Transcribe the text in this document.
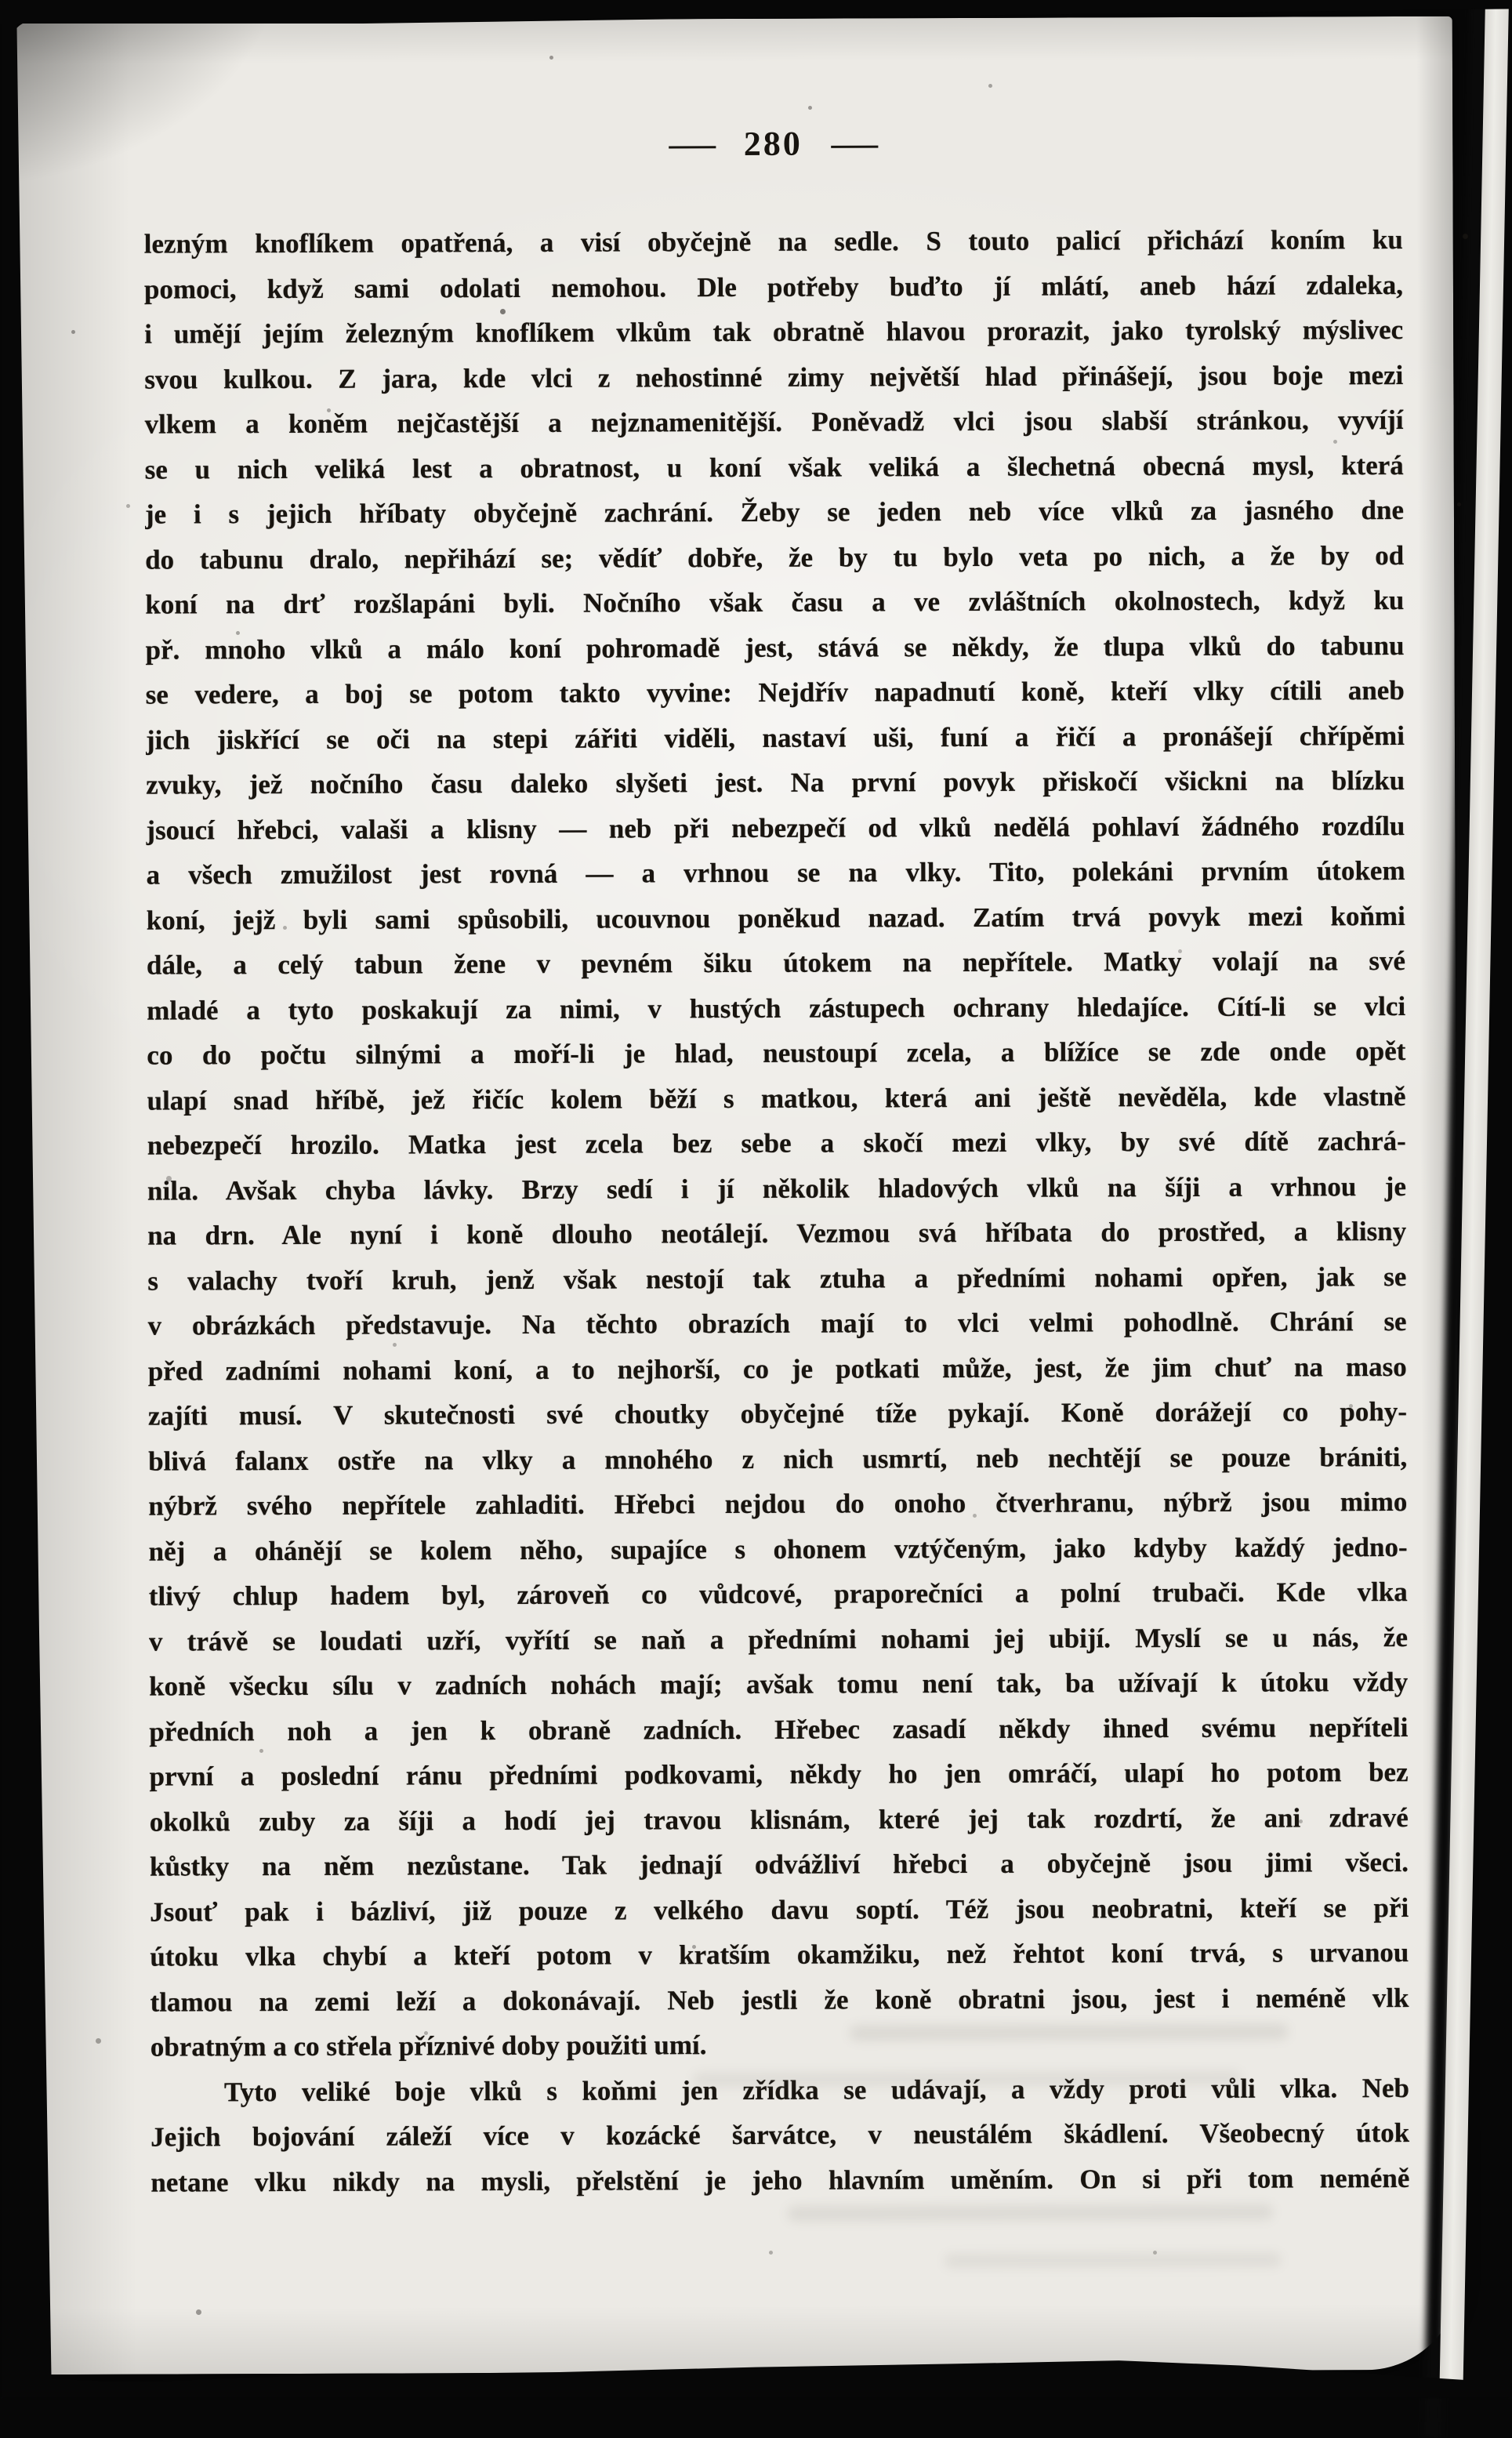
— 280 —
lezným knoflíkem opatřená, a visí obyčejně na sedle. S touto palicí přichází koním ku
pomoci, když sami odolati nemohou. Dle potřeby buďto jí mlátí, aneb hází zdaleka,
i umějí jejím železným knoflíkem vlkům tak obratně hlavou prorazit, jako tyrolský mýslivec
svou kulkou. Z jara, kde vlci z nehostinné zimy největší hlad přinášejí, jsou boje mezi
vlkem a koněm nejčastější a nejznamenitější. Poněvadž vlci jsou slabší stránkou, vyvíjí
se u nich veliká lest a obratnost, u koní však veliká a šlechetná obecná mysl, která
je i s jejich hříbaty obyčejně zachrání. Žeby se jeden neb více vlků za jasného dne
do tabunu dralo, nepřihází se; vědíť dobře, že by tu bylo veta po nich, a že by od
koní na drť rozšlapáni byli. Nočního však času a ve zvláštních okolnostech, když ku
př. mnoho vlků a málo koní pohromadě jest, stává se někdy, že tlupa vlků do tabunu
se vedere, a boj se potom takto vyvine: Nejdřív napadnutí koně, kteří vlky cítili aneb
jich jiskřící se oči na stepi zářiti viděli, nastaví uši, funí a řičí a pronášejí chřípěmi
zvuky, jež nočního času daleko slyšeti jest. Na první povyk přiskočí všickni na blízku
jsoucí hřebci, valaši a klisny — neb při nebezpečí od vlků nedělá pohlaví žádného rozdílu
a všech zmužilost jest rovná — a vrhnou se na vlky. Tito, polekáni prvním útokem
koní, jejž byli sami spůsobili, ucouvnou poněkud nazad. Zatím trvá povyk mezi koňmi
dále, a celý tabun žene v pevném šiku útokem na nepřítele. Matky volají na své
mladé a tyto poskakují za nimi, v hustých zástupech ochrany hledajíce. Cítí-li se vlci
co do počtu silnými a moří-li je hlad, neustoupí zcela, a blížíce se zde onde opět
ulapí snad hříbě, jež řičíc kolem běží s matkou, která ani ještě nevěděla, kde vlastně
nebezpečí hrozilo. Matka jest zcela bez sebe a skočí mezi vlky, by své dítě zachrá-
nila. Avšak chyba lávky. Brzy sedí i jí několik hladových vlků na šíji a vrhnou je
na drn. Ale nyní i koně dlouho neotálejí. Vezmou svá hříbata do prostřed, a klisny
s valachy tvoří kruh, jenž však nestojí tak ztuha a předními nohami opřen, jak se
v obrázkách představuje. Na těchto obrazích mají to vlci velmi pohodlně. Chrání se
před zadními nohami koní, a to nejhorší, co je potkati může, jest, že jim chuť na maso
zajíti musí. V skutečnosti své choutky obyčejné tíže pykají. Koně dorážejí co pohy-
blivá falanx ostře na vlky a mnohého z nich usmrtí, neb nechtějí se pouze brániti,
nýbrž svého nepřítele zahladiti. Hřebci nejdou do onoho čtverhranu, nýbrž jsou mimo
něj a ohánějí se kolem něho, supajíce s ohonem vztýčeným, jako kdyby každý jedno-
tlivý chlup hadem byl, zároveň co vůdcové, praporečníci a polní trubači. Kde vlka
v trávě se loudati uzří, vyřítí se naň a předními nohami jej ubijí. Myslí se u nás, že
koně všecku sílu v zadních nohách mají; avšak tomu není tak, ba užívají k útoku vždy
předních noh a jen k obraně zadních. Hřebec zasadí někdy ihned svému nepříteli
první a poslední ránu předními podkovami, někdy ho jen omráčí, ulapí ho potom bez
okolků zuby za šíji a hodí jej travou klisnám, které jej tak rozdrtí, že ani zdravé
kůstky na něm nezůstane. Tak jednají odvážliví hřebci a obyčejně jsou jimi všeci.
Jsouť pak i bázliví, již pouze z velkého davu soptí. Též jsou neobratni, kteří se při
útoku vlka chybí a kteří potom v kratším okamžiku, než řehtot koní trvá, s urvanou
tlamou na zemi leží a dokonávají. Neb jestli že koně obratni jsou, jest i neméně vlk
obratným a co střela příznivé doby použiti umí.
Tyto veliké boje vlků s koňmi jen zřídka se udávají, a vždy proti vůli vlka. Neb
Jejich bojování záleží více v kozácké šarvátce, v neustálém škádlení. Všeobecný útok
netane vlku nikdy na mysli, přelstění je jeho hlavním uměním. On si při tom neméně
